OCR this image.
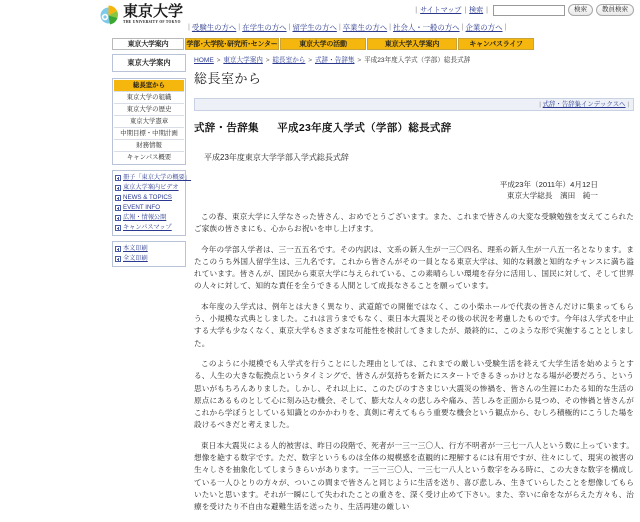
東京大学
THE UNIVERSITY OF TOKYO
| サイトマップ | 検索 |	検索	教員検索
| 受験生の方へ | 在学生の方へ | 留学生の方へ | 卒業生の方へ | 社会人・一般の方へ | 企業の方へ |
東京大学案内	学部･大学院･研究所･センター	東京大学の活動	東京大学入学案内	キャンパスライフ
東京大学案内
総長室から
東京大学の組織
東京大学の歴史
東京大学憲章
中期目標・中期計画
財務情報
キャンパス概要
冊子「東京大学の概要」
東京大学案内ビデオ
NEWS & TOPICS
EVENT INFO
広報・情報公開
キャンパスマップ
本文印刷
全文印刷
HOME > 東京大学案内 > 総長室から > 式辞・告辞集 > 平成23年度入学式（学部）総長式辞
総長室から
| 式辞・告辞集インデックスへ |
式辞・告辞集 平成23年度入学式（学部）総長式辞
平成23年度東京大学学部入学式総長式辞
平成23年（2011年）4月12日
東京大学総長　濱田　純一

この春、東京大学に入学なさった皆さん、おめでとうございます。また、これまで皆さんの大変な受験勉強を支えてこられたご家族の皆さまにも、心からお祝いを申し上げます。

今年の学部入学者は、三一五五名です。その内訳は、文系の新入生が一三〇四名、理系の新入生が一八五一名となります。またこのうち外国人留学生は、三九名です。これから皆さんがその一員となる東京大学は、知的な刺激と知的なチャンスに満ち溢れています。皆さんが、国民から東京大学に与えられている、この素晴らしい環境を存分に活用し、国民に対して、そして世界の人々に対して、知的な責任を全うできる人間として成長なさることを願っています。

本年度の入学式は、例年とは大きく異なり、武道館での開催ではなく、この小柴ホールで代表の皆さんだけに集まってもらう、小規模な式典としました。これは言うまでもなく、東日本大震災とその後の状況を考慮したものです。今年は入学式を中止する大学も少なくなく、東京大学もさまざまな可能性を検討してきましたが、最終的に、このような形で実施することとしました。

このように小規模でも入学式を行うことにした理由としては、これまでの厳しい受験生活を終えて大学生活を始めようとする、人生の大きな転換点というタイミングで、皆さんが気持ちを新たにスタートできるきっかけとなる場が必要だろう、という思いがもちろんありました。しかし、それ以上に、このたびのすさまじい大震災の惨禍を、皆さんの生涯にわたる知的な生活の原点にあるものとして心に刻み込む機会、そして、膨大な人々の悲しみや痛み、苦しみを正面から見つめ、その惨禍と皆さんがこれから学ぼうとしている知識とのかかわりを、真剣に考えてもらう重要な機会という観点から、むしろ積極的にこうした場を設けるべきだと考えました。

東日本大震災による人的被害は、昨日の段階で、死者が一三一三〇人、行方不明者が一三七一八人という数に上っています。想像を絶する数字です。ただ、数字というものは全体の規模感を直観的に理解するには有用ですが、往々にして、現実の被害の生々しさを抽象化してしまうきらいがあります。一三一三〇人、一三七一八人という数字をみる時に、この大きな数字を構成している一人ひとりの方々が、ついこの間まで皆さんと同じように生活を送り、喜び悲しみ、生きていらしたことを想像してもらいたいと思います。それが一瞬にして失われたことの重さを、深く受け止めて下さい。また、幸いに命をながらえた方々も、治療を受けたり不自由な避難生活を送ったり、生活再建の厳しい
